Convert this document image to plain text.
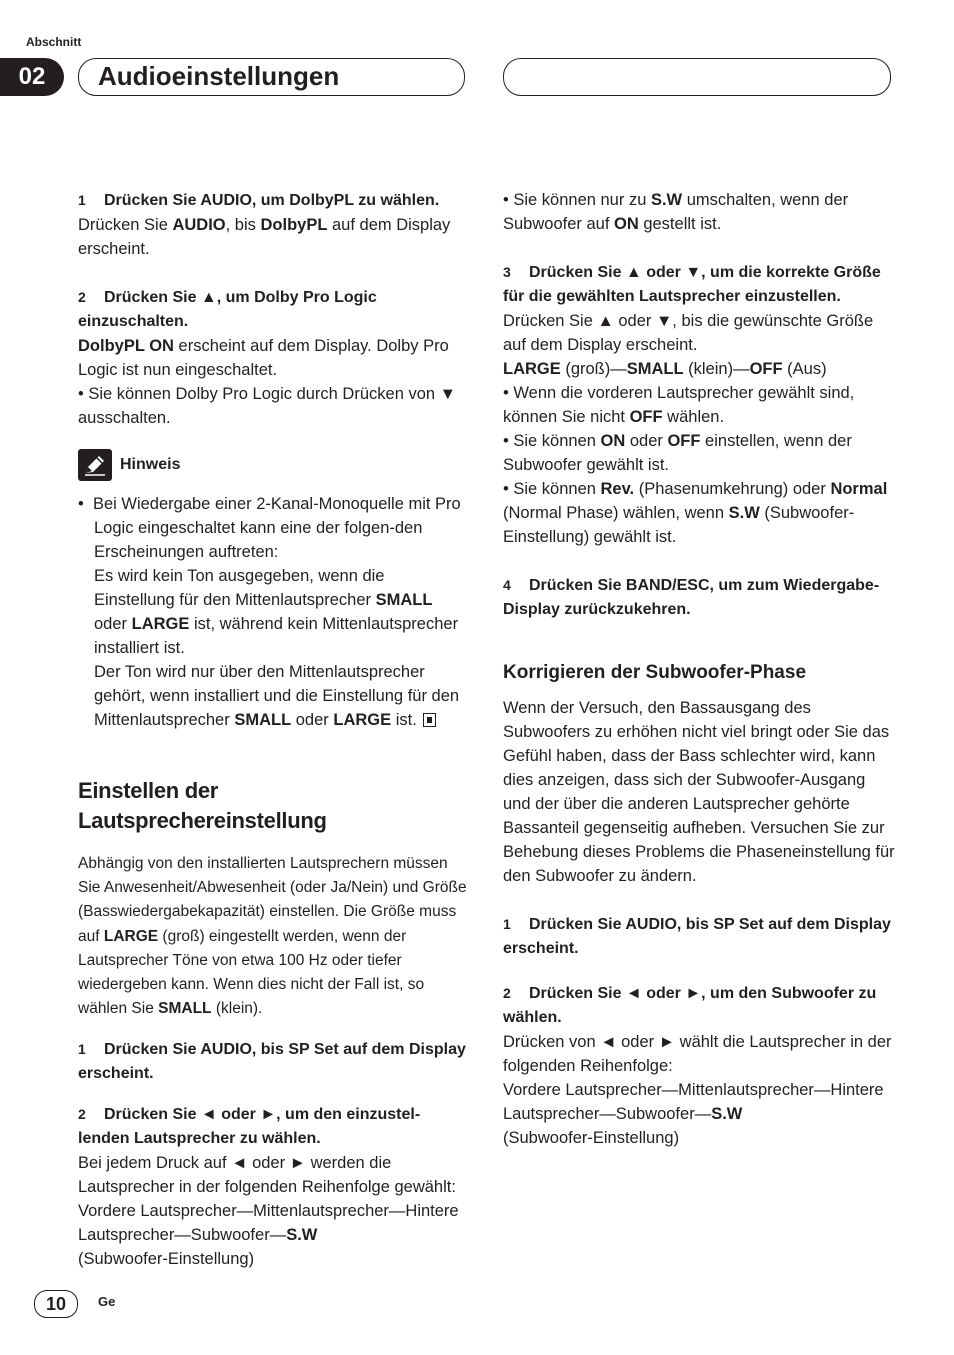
Abschnitt
02	Audioeinstellungen
1 Drücken Sie AUDIO, um DolbyPL zu wählen.

Drücken Sie AUDIO, bis DolbyPL auf dem Display erscheint.

2 Drücken Sie ▲, um Dolby Pro Logic einzuschalten.

DolbyPL ON erscheint auf dem Display. Dolby Pro Logic ist nun eingeschaltet.

• Sie können Dolby Pro Logic durch Drücken von ▼ ausschalten.

Hinweis

•  Bei Wiedergabe einer 2-Kanal-Monoquelle mit Pro Logic eingeschaltet kann eine der folgen-den Erscheinungen auftreten:

Es wird kein Ton ausgegeben, wenn die Einstellung für den Mittenlautsprecher SMALL oder LARGE ist, während kein Mittenlautsprecher installiert ist.

Der Ton wird nur über den Mittenlautsprecher gehört, wenn installiert und die Einstellung für den Mittenlautsprecher SMALL oder LARGE ist.

Einstellen der Lautsprechereinstellung

Abhängig von den installierten Lautsprechern müssen Sie Anwesenheit/Abwesenheit (oder Ja/Nein) und Größe (Basswiedergabekapazität) einstellen. Die Größe muss auf LARGE (groß) eingestellt werden, wenn der Lautsprecher Töne von etwa 100 Hz oder tiefer wiedergeben kann. Wenn dies nicht der Fall ist, so wählen Sie SMALL (klein).

1 Drücken Sie AUDIO, bis SP Set auf dem Display erscheint.
2 Drücken Sie ◄ oder ►, um den einzustel-lenden Lautsprecher zu wählen.

Bei jedem Druck auf ◄ oder ► werden die Lautsprecher in der folgenden Reihenfolge gewählt:

Vordere Lautsprecher—Mittenlautsprecher—Hintere Lautsprecher—Subwoofer—S.W
(Subwoofer-Einstellung)

• Sie können nur zu S.W umschalten, wenn der Subwoofer auf ON gestellt ist.

3 Drücken Sie ▲ oder ▼, um die korrekte Größe für die gewählten Lautsprecher einzustellen.

Drücken Sie ▲ oder ▼, bis die gewünschte Größe auf dem Display erscheint.

LARGE (groß)—SMALL (klein)—OFF (Aus)

• Wenn die vorderen Lautsprecher gewählt sind, können Sie nicht OFF wählen.

• Sie können ON oder OFF einstellen, wenn der Subwoofer gewählt ist.

• Sie können Rev. (Phasenumkehrung) oder Normal (Normal Phase) wählen, wenn S.W (Subwoofer-Einstellung) gewählt ist.

4 Drücken Sie BAND/ESC, um zum Wiedergabe-Display zurückzukehren.
Korrigieren der Subwoofer-Phase

Wenn der Versuch, den Bassausgang des Subwoofers zu erhöhen nicht viel bringt oder Sie das Gefühl haben, dass der Bass schlechter wird, kann dies anzeigen, dass sich der Subwoofer-Ausgang und der über die anderen Lautsprecher gehörte Bassanteil gegenseitig aufheben. Versuchen Sie zur Behebung dieses Problems die Phaseneinstellung für den Subwoofer zu ändern.

1 Drücken Sie AUDIO, bis SP Set auf dem Display erscheint.
2 Drücken Sie ◄ oder ►, um den Subwoofer zu wählen.

Drücken von ◄ oder ► wählt die Lautsprecher in der folgenden Reihenfolge:

Vordere Lautsprecher—Mittenlautsprecher—Hintere Lautsprecher—Subwoofer—S.W
(Subwoofer-Einstellung)

10	Ge
